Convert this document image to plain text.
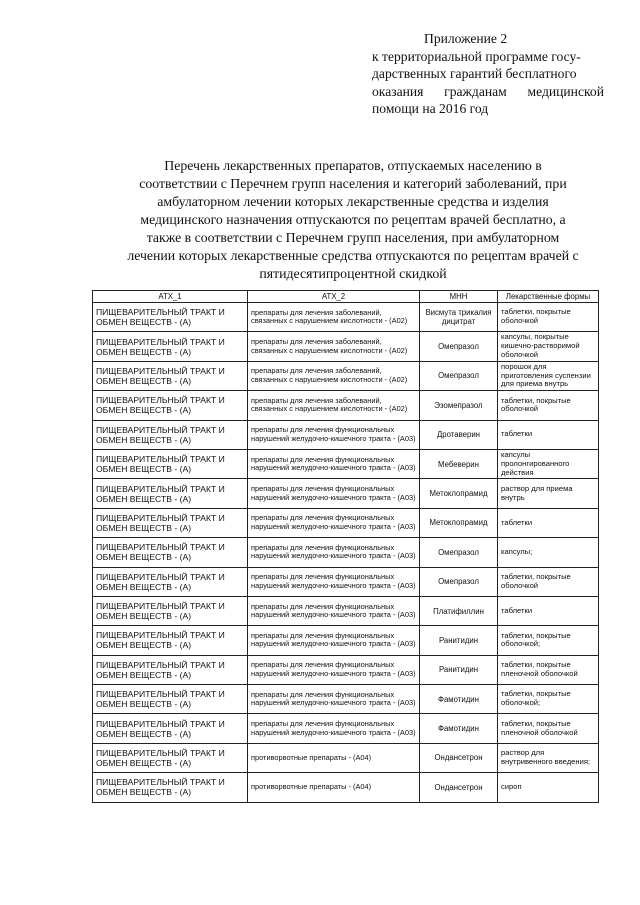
Приложение 2
к территориальной программе госу-
дарственных гарантий бесплатного
оказания гражданам медицинской
помощи на 2016 год
Перечень лекарственных препаратов, отпускаемых населению в
соответствии с Перечнем групп населения и категорий заболеваний, при
амбулаторном лечении которых лекарственные средства и изделия
медицинского назначения отпускаются по рецептам врачей бесплатно, а
также в соответствии с Перечнем групп населения, при амбулаторном
лечении которых лекарственные средства отпускаются по рецептам врачей с
пятидесятипроцентной скидкой
АТХ_1	АТХ_2	МНН	Лекарственные формы
ПИЩЕВАРИТЕЛЬНЫЙ ТРАКТ И ОБМЕН ВЕЩЕСТВ - (А)	препараты для лечения заболеваний, связанных с нарушением кислотности - (А02)	Висмута трикалия дицитрат	таблетки, покрытые оболочкой
ПИЩЕВАРИТЕЛЬНЫЙ ТРАКТ И ОБМЕН ВЕЩЕСТВ - (А)	препараты для лечения заболеваний, связанных с нарушением кислотности - (А02)	Омепразол	капсулы, покрытые кишечно-растворимой оболочкой
ПИЩЕВАРИТЕЛЬНЫЙ ТРАКТ И ОБМЕН ВЕЩЕСТВ - (А)	препараты для лечения заболеваний, связанных с нарушением кислотности - (А02)	Омепразол	порошок для приготовления суспензии для приема внутрь
ПИЩЕВАРИТЕЛЬНЫЙ ТРАКТ И ОБМЕН ВЕЩЕСТВ - (А)	препараты для лечения заболеваний, связанных с нарушением кислотности - (А02)	Эзомепразол	таблетки, покрытые оболочкой
ПИЩЕВАРИТЕЛЬНЫЙ ТРАКТ И ОБМЕН ВЕЩЕСТВ - (А)	препараты для лечения функциональных нарушений желудочно-кишечного тракта - (А03)	Дротаверин	таблетки
ПИЩЕВАРИТЕЛЬНЫЙ ТРАКТ И ОБМЕН ВЕЩЕСТВ - (А)	препараты для лечения функциональных нарушений желудочно-кишечного тракта - (А03)	Мебеверин	капсулы пролонгированного действия
ПИЩЕВАРИТЕЛЬНЫЙ ТРАКТ И ОБМЕН ВЕЩЕСТВ - (А)	препараты для лечения функциональных нарушений желудочно-кишечного тракта - (А03)	Метоклопрамид	раствор для приема внутрь
ПИЩЕВАРИТЕЛЬНЫЙ ТРАКТ И ОБМЕН ВЕЩЕСТВ - (А)	препараты для лечения функциональных нарушений желудочно-кишечного тракта - (А03)	Метоклопрамид	таблетки
ПИЩЕВАРИТЕЛЬНЫЙ ТРАКТ И ОБМЕН ВЕЩЕСТВ - (А)	препараты для лечения функциональных нарушений желудочно-кишечного тракта - (А03)	Омепразол	капсулы;
ПИЩЕВАРИТЕЛЬНЫЙ ТРАКТ И ОБМЕН ВЕЩЕСТВ - (А)	препараты для лечения функциональных нарушений желудочно-кишечного тракта - (А03)	Омепразол	таблетки, покрытые оболочкой
ПИЩЕВАРИТЕЛЬНЫЙ ТРАКТ И ОБМЕН ВЕЩЕСТВ - (А)	препараты для лечения функциональных нарушений желудочно-кишечного тракта - (А03)	Платифиллин	таблетки
ПИЩЕВАРИТЕЛЬНЫЙ ТРАКТ И ОБМЕН ВЕЩЕСТВ - (А)	препараты для лечения функциональных нарушений желудочно-кишечного тракта - (А03)	Ранитидин	таблетки, покрытые оболочкой;
ПИЩЕВАРИТЕЛЬНЫЙ ТРАКТ И ОБМЕН ВЕЩЕСТВ - (А)	препараты для лечения функциональных нарушений желудочно-кишечного тракта - (А03)	Ранитидин	таблетки, покрытые пленочной оболочкой
ПИЩЕВАРИТЕЛЬНЫЙ ТРАКТ И ОБМЕН ВЕЩЕСТВ - (А)	препараты для лечения функциональных нарушений желудочно-кишечного тракта - (А03)	Фамотидин	таблетки, покрытые оболочкой;
ПИЩЕВАРИТЕЛЬНЫЙ ТРАКТ И ОБМЕН ВЕЩЕСТВ - (А)	препараты для лечения функциональных нарушений желудочно-кишечного тракта - (А03)	Фамотидин	таблетки, покрытые пленочной оболочкой
ПИЩЕВАРИТЕЛЬНЫЙ ТРАКТ И ОБМЕН ВЕЩЕСТВ - (А)	противорвотные препараты - (А04)	Ондансетрон	раствор для внутривенного введения;
ПИЩЕВАРИТЕЛЬНЫЙ ТРАКТ И ОБМЕН ВЕЩЕСТВ - (А)	противорвотные препараты - (А04)	Ондансетрон	сироп
